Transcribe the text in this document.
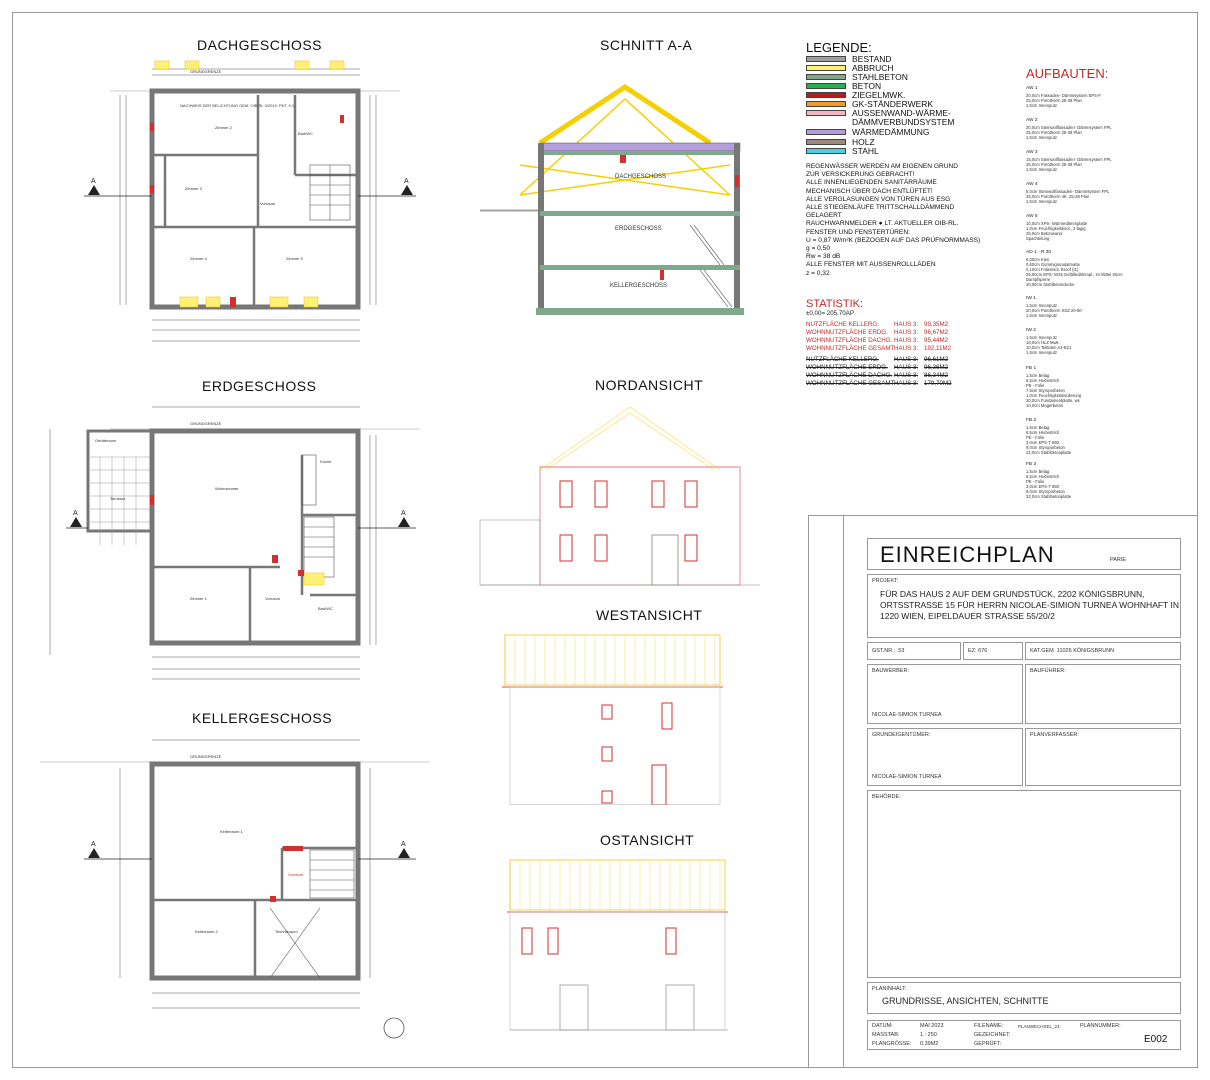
DACHGESCHOSS	SCHNITT A-A
ERDGESCHOSS	NORDANSICHT
KELLERGESCHOSS
WESTANSICHT
OSTANSICHT
GRUNDGRENZE
NACHWEIS DER BELICHTUNG GEM. OIB RL 3/2019, PKT. 9.1
Zimmer 2
Bad/WC
Zimmer 3
Vorraum
Zimmer 4	Zimmer 5
A	A
DACHGESCHOSS
ERDGESCHOSS
KELLERGESCHOSS
GRUNDGRENZE
Geräteraum
Terrasse
Wohnzimmer
Küche
Zimmer 1	Vorraum
Bad/WC
A	A
GRUNDGRENZE
Kellerraum 1
Vorraum
Kellerraum 2	Technikraum
A	A
LEGENDE:
BESTAND
ABBRUCH
STAHLBETON
BETON
ZIEGELMWK.
GK-STÄNDERWERK
AUSSENWAND-WÄRME-
DÄMMVERBUNDSYSTEM
WÄRMEDÄMMUNG
HOLZ
STAHL
REGENWÄSSER WERDEN AM EIGENEN GRUND
ZUR VERSICKERUNG GEBRACHT!
ALLE INNENLIEGENDEN SANITÄRRÄUME
MECHANISCH ÜBER DACH ENTLÜFTET!
ALLE VERGLASUNGEN VON TÜREN AUS ESG
ALLE STIEGENLÄUFE TRITTSCHALLDÄMMEND
GELAGERT
RAUCHWARNMELDER ● LT. AKTUELLER OIB-RL.
FENSTER UND FENSTERTÜREN:
U = 0,87 W/m²K (BEZOGEN AUF DAS PRÜFNORMMASS)
g = 0,50
Rw = 38 dB
ALLE FENSTER MIT AUSSENROLLLÄDEN
z = 0,32
STATISTIK:
±0,00= 205.70AP
NUTZFLÄCHE KELLERG. HAUS 3: 99,35M2
WOHNNUTZFLÄCHE ERDG. HAUS 3: 96,67M2
WOHNNUTZFLÄCHE DACHG. HAUS 3: 95,44M2
WOHNNUTZFLÄCHE GESAMTHAUS 3: 192,11M2
NUTZFLÄCHE KELLERG. HAUS 3: 96,61M2
WOHNNUTZFLÄCHE ERDG. HAUS 3: 96,36M2
WOHNNUTZFLÄCHE DACHG. HAUS 3: 86,34M2
WOHNNUTZFLÄCHE GESAMTHAUS 3: 179,70M2
AUFBAUTEN:
AW 1
20,0cm Fassaden- Dämmsystem EPS-F
25,0cm Porotherm 25-38 Plan
1,5cm Innenputz
AW 2
30,0cm Steinwollfassaden- Dämmsystem FPL
25,0cm Porotherm 25-38 Plan
1,5cm Innenputz
AW 3
15,0cm Steinwollfassaden- Dämmsystem FPL
25,0cm Porotherm 25-38 Plan
1,5cm Innenputz
AW 4
5,0cm Steinwollfassaden- Dämmsystem FPL
25,0cm Porotherm 4K, 25-38 Plan
1,5cm Innenputz
AW 5
10,0cm XPS- Wärmedämmplatte
1,0cm Feuchtigkeitsisol., 2-lagig
25,0cm Betonwand
Spachtelung
AD 1 - R 30
6,00cm Kies
0,60cm Gummigranulatmatte
0,10cm Folienisol. Broof (t1)
25,00cm EPS- W25 Gefälledämmpl., im Mittel 25cm
Dampfsperre
20,00cm Stahlbetondecke
IW 1
1,5cm Innenputz
20,0cm Porotherm SSZ 20-50
1,5cm Innenputz
IW 2
1,5cm Innenputz
10,0cm HLZ Mwk.
10,0cm Telitaten A2-E21
1,5cm Innenputz
FB 1
1,5cm Belag
6,5cm Heizestrich
PE - Folie
7,5cm Styroporbeton
1,0cm Feuchtigkeitsisolierung
30,0cm Fundamentplatte, ws
10,0cm Magerbeton
FB 2
1,5cm Belag
6,5cm Heizestrich
PE - Folie
3,0cm EPS-T 650
9,0cm Styroporbeton
22,0cm Stahlbetonplatte
FB 3
1,5cm Belag
6,5cm Heizestrich
PE - Folie
3,0cm EPS-T 650
9,0cm Styroporbeton
22,0cm Stahlbetonplatte
EINREICHPLAN	PARIE
PROJEKT:
FÜR DAS HAUS 2 AUF DEM GRUNDSTÜCK, 2202 KÖNIGSBRUNN, ORTSSTRASSE 15 FÜR HERRN NICOLAE-SIMION TURNEA WOHNHAFT IN 1220 WIEN, EIPELDAUER STRASSE 55/20/2
GST.NR.: .53	EZ: 676	KAT.GEM. 11026 KÖNIGSBRUNN
BAUWERBER:
NICOLAE-SIMION TURNEA
BAUFÜHRER:
GRUNDEIGENTÜMER:
NICOLAE-SIMION TURNEA
PLANVERFASSER:
BEHÖRDE:
PLANINHALT:
GRUNDRISSE, ANSICHTEN, SCHNITTE
DATUM:	MAI 2023
MASSTAB:	1 : 250
PLANGRÖSSE: 0.39M2
FILENAME:	PLANWECHSEL_23
GEZEICHNET:
GEPRÜFT:
PLANNUMMER:
E002
